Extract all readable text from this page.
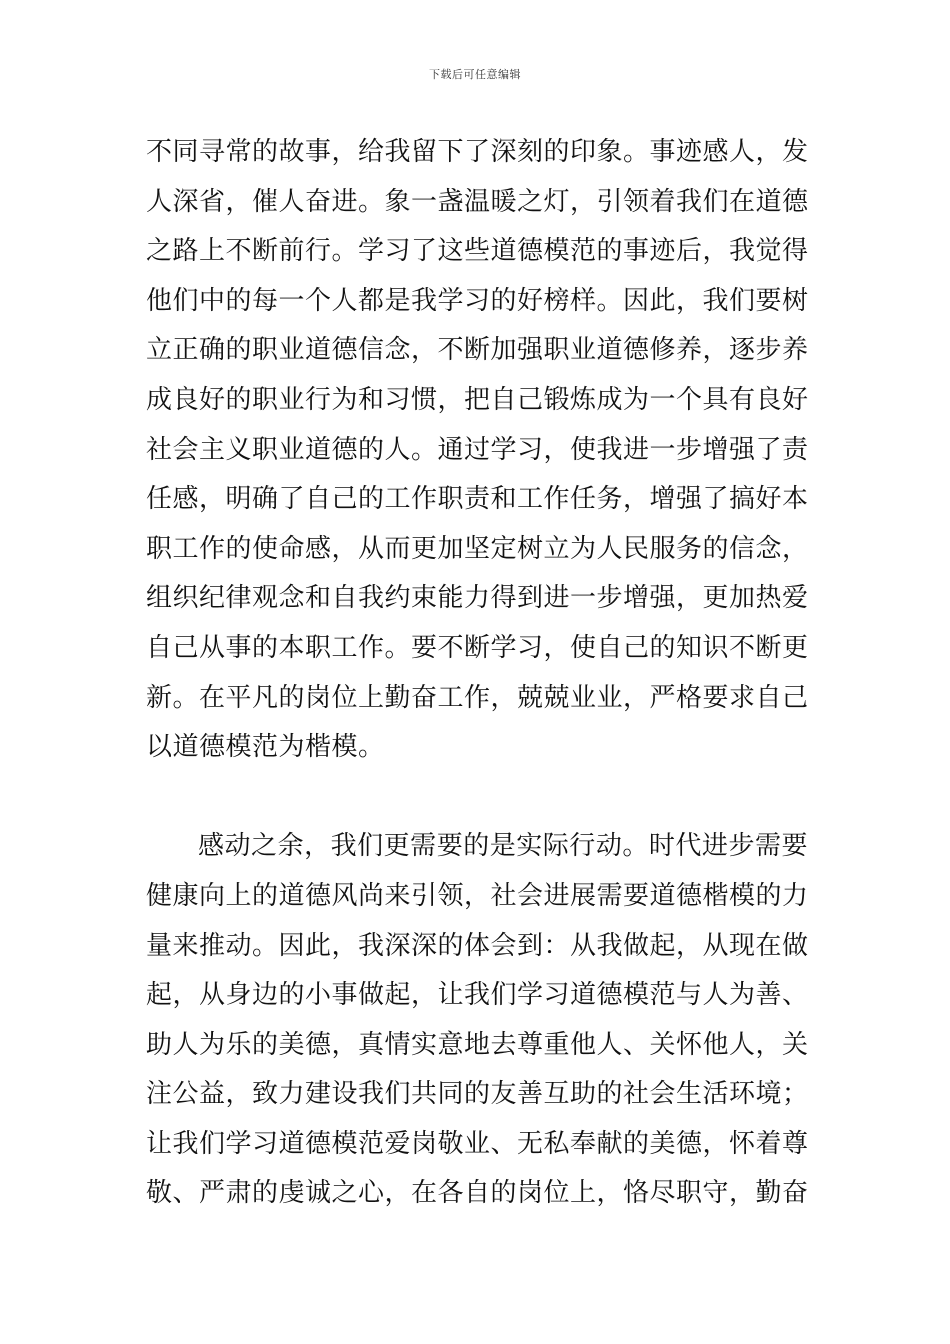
下载后可任意编辑
不同寻常的故事，给我留下了深刻的印象。事迹感人，发
人深省，催人奋进。象一盏温暖之灯，引领着我们在道德
之路上不断前行。学习了这些道德模范的事迹后，我觉得
他们中的每一个人都是我学习的好榜样。因此，我们要树
立正确的职业道德信念，不断加强职业道德修养，逐步养
成良好的职业行为和习惯，把自己锻炼成为一个具有良好
社会主义职业道德的人。通过学习，使我进一步增强了责
任感，明确了自己的工作职责和工作任务，增强了搞好本
职工作的使命感，从而更加坚定树立为人民服务的信念，
组织纪律观念和自我约束能力得到进一步增强，更加热爱
自己从事的本职工作。要不断学习，使自己的知识不断更
新。在平凡的岗位上勤奋工作，兢兢业业，严格要求自己
以道德模范为楷模。
感动之余，我们更需要的是实际行动。时代进步需要
健康向上的道德风尚来引领，社会进展需要道德楷模的力
量来推动。因此，我深深的体会到：从我做起，从现在做
起，从身边的小事做起，让我们学习道德模范与人为善、
助人为乐的美德，真情实意地去尊重他人、关怀他人，关
注公益，致力建设我们共同的友善互助的社会生活环境；
让我们学习道德模范爱岗敬业、无私奉献的美德，怀着尊
敬、严肃的虔诚之心，在各自的岗位上，恪尽职守，勤奋
